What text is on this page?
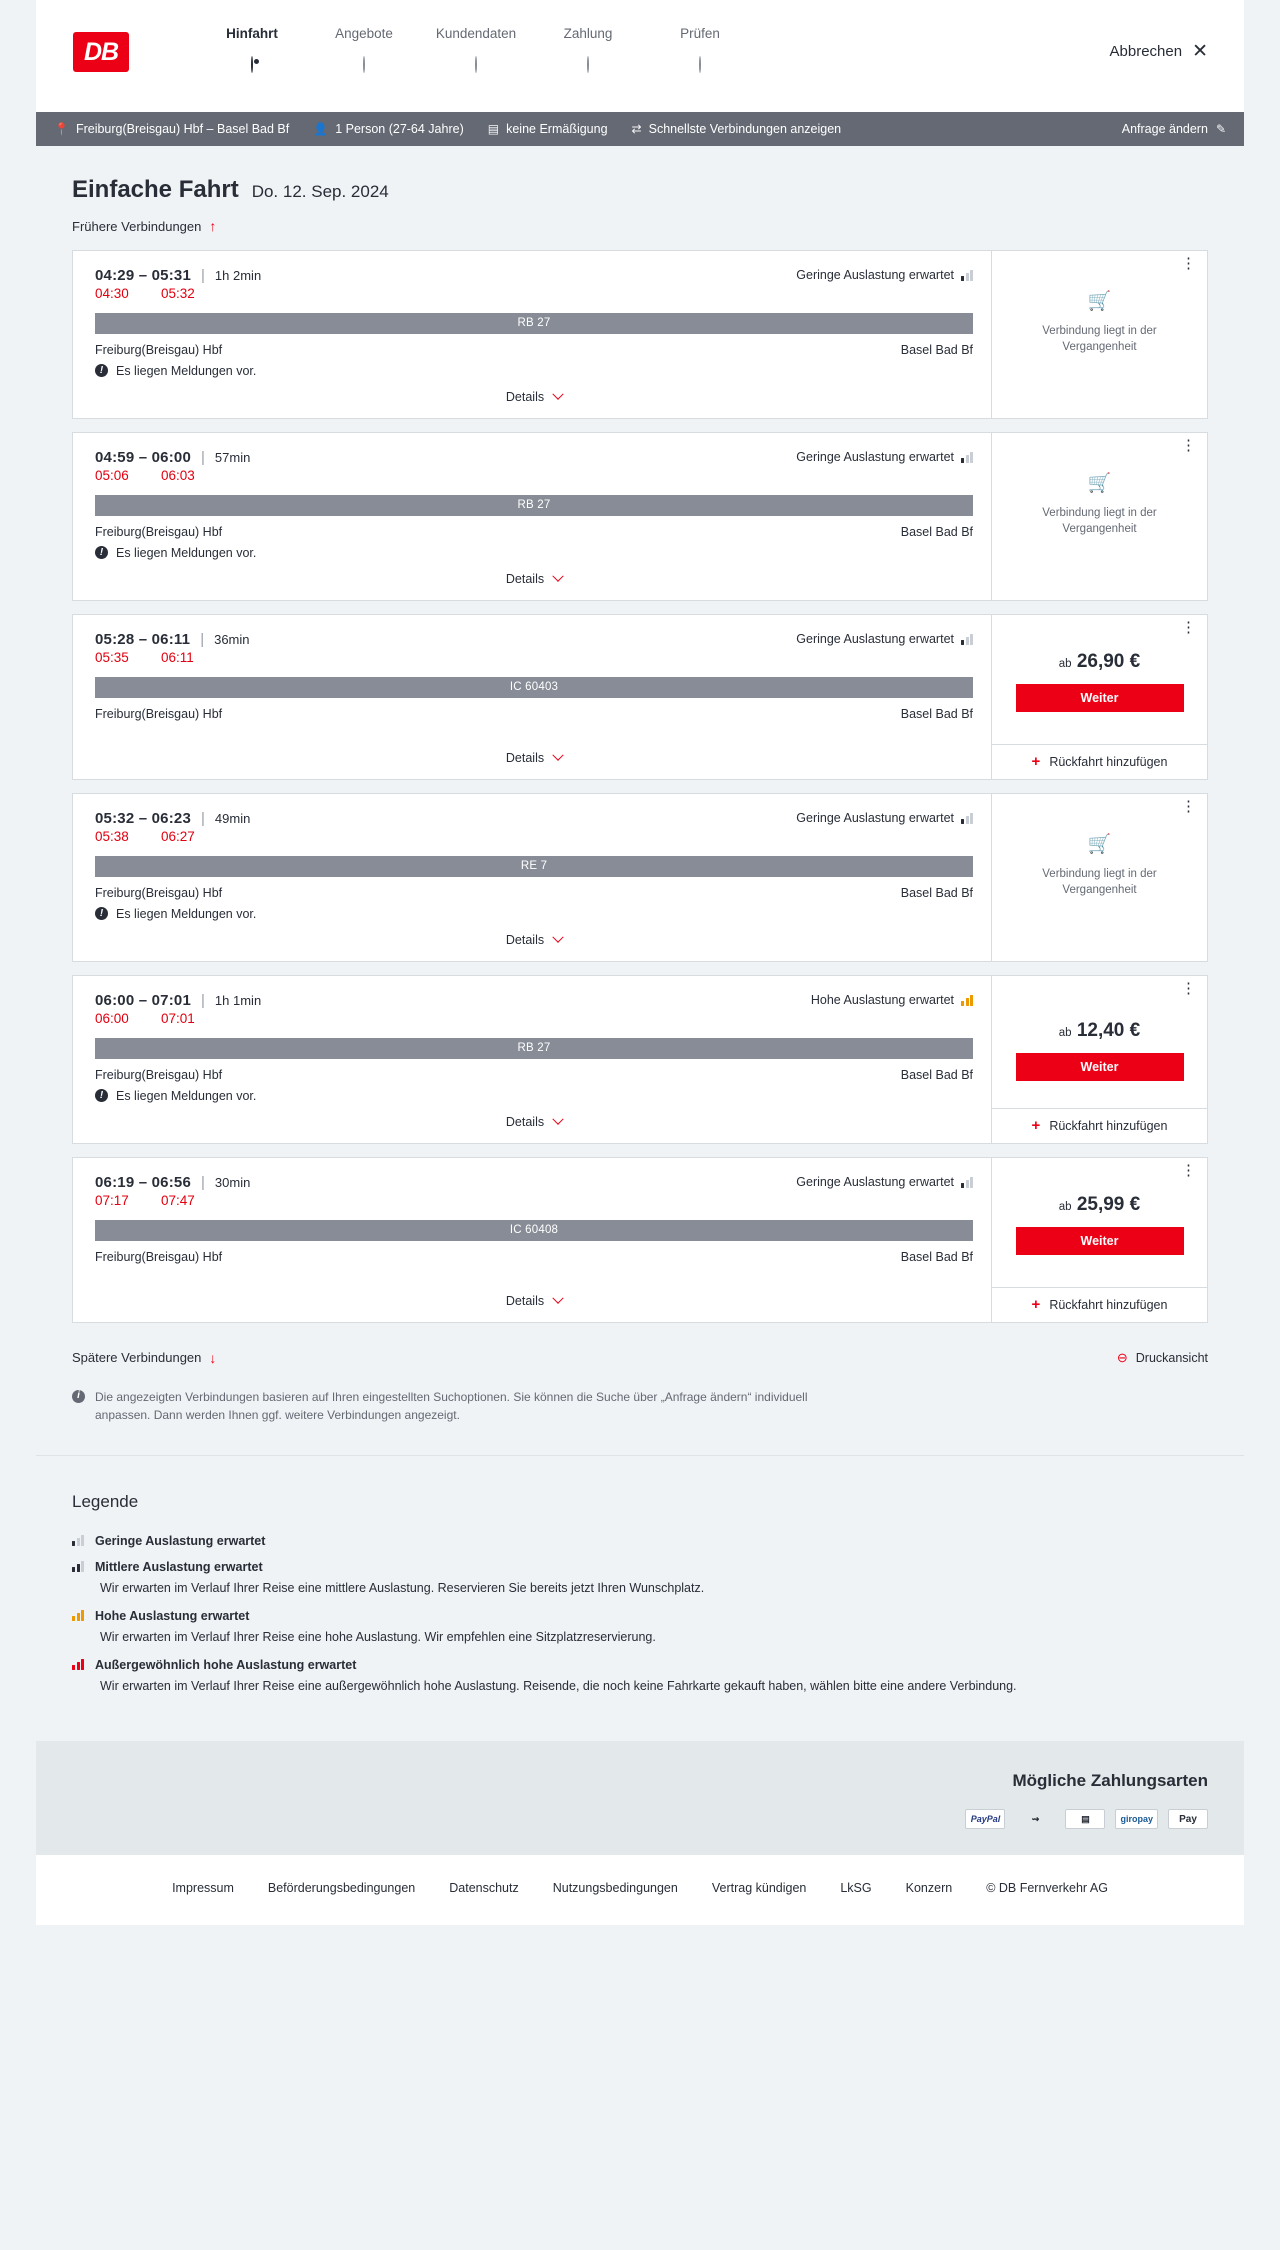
DB
Hinfahrt	Angebote	Kundendaten	Zahlung	Prüfen
Abbrechen ✕
📍 Freiburg(Breisgau) Hbf – Basel Bad Bf 👤 1 Person (27-64 Jahre) ▤ keine Ermäßigung ⇄ Schnellste Verbindungen anzeigen	Anfrage ändern ✎
Einfache Fahrt Do. 12. Sep. 2024
Frühere Verbindungen ↑
04:29 – 05:31 | 1h 2min	Geringe Auslastung erwartet
04:30	05:32
RB 27
Freiburg(Breisgau) Hbf	Basel Bad Bf
!	Es liegen Meldungen vor.
Details
⋮
🛒
Verbindung liegt in der Vergangenheit
04:59 – 06:00 | 57min	Geringe Auslastung erwartet
05:06	06:03
RB 27
Freiburg(Breisgau) Hbf	Basel Bad Bf
!	Es liegen Meldungen vor.
Details
⋮
🛒
Verbindung liegt in der Vergangenheit
05:28 – 06:11 | 36min	Geringe Auslastung erwartet
05:35	06:11
IC 60403
Freiburg(Breisgau) Hbf	Basel Bad Bf
Details
⋮
ab 26,90 €
Weiter
+ Rückfahrt hinzufügen
05:32 – 06:23 | 49min	Geringe Auslastung erwartet
05:38	06:27
RE 7
Freiburg(Breisgau) Hbf	Basel Bad Bf
!	Es liegen Meldungen vor.
Details
⋮
🛒
Verbindung liegt in der Vergangenheit
06:00 – 07:01 | 1h 1min	Hohe Auslastung erwartet
06:00	07:01
RB 27
Freiburg(Breisgau) Hbf	Basel Bad Bf
!	Es liegen Meldungen vor.
Details
⋮
ab 12,40 €
Weiter
+ Rückfahrt hinzufügen
06:19 – 06:56 | 30min	Geringe Auslastung erwartet
07:17	07:47
IC 60408
Freiburg(Breisgau) Hbf	Basel Bad Bf
Details
⋮
ab 25,99 €
Weiter
+ Rückfahrt hinzufügen
Spätere Verbindungen ↓	⊖ Druckansicht
i	Die angezeigten Verbindungen basieren auf Ihren eingestellten Suchoptionen. Sie können die Suche über „Anfrage ändern“ individuell anpassen. Dann werden Ihnen ggf. weitere Verbindungen angezeigt.
Legende
Geringe Auslastung erwartet
Mittlere Auslastung erwartet
Wir erwarten im Verlauf Ihrer Reise eine mittlere Auslastung. Reservieren Sie bereits jetzt Ihren Wunschplatz.
Hohe Auslastung erwartet
Wir erwarten im Verlauf Ihrer Reise eine hohe Auslastung. Wir empfehlen eine Sitzplatzreservierung.
Außergewöhnlich hohe Auslastung erwartet
Wir erwarten im Verlauf Ihrer Reise eine außergewöhnlich hohe Auslastung. Reisende, die noch keine Fahrkarte gekauft haben, wählen bitte eine andere Verbindung.
Mögliche Zahlungsarten
PayPal	⇝	▤	giropay	Pay
Impressum	Beförderungsbedingungen	Datenschutz	Nutzungsbedingungen	Vertrag kündigen	LkSG	Konzern	© DB Fernverkehr AG
